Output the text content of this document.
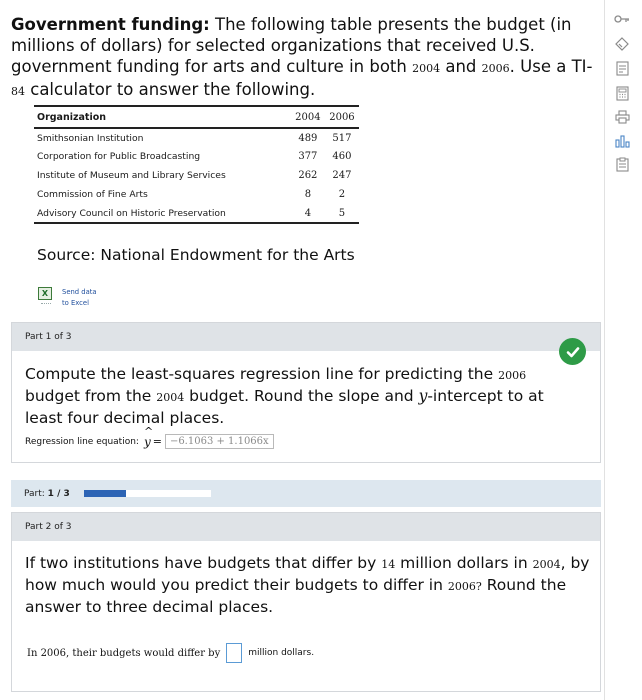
Government funding: The following table presents the budget (in millions of dollars) for selected organizations that received U.S. government funding for arts and culture in both 2004 and 2006. Use a TI-84 calculator to answer the following.
Organization	2004	2006
Smithsonian Institution	489	517
Corporation for Public Broadcasting	377	460
Institute of Museum and Library Services	262	247
Commission of Fine Arts	8	2
Advisory Council on Historic Preservation	4	5
Source: National Endowment for the Arts
X Send data
to Excel
Part 1 of 3
Compute the least-squares regression line for predicting the 2006 budget from the 2004 budget. Round the slope and y-intercept to at least four decimal places.
Regression line equation: ^ y = −6.1063 + 1.1066x
Part: 1 / 3
Part 2 of 3
If two institutions have budgets that differ by 14 million dollars in 2004, by how much would you predict their budgets to differ in 2006? Round the answer to three decimal places.
In 2006, their budgets would differ by	million dollars.
